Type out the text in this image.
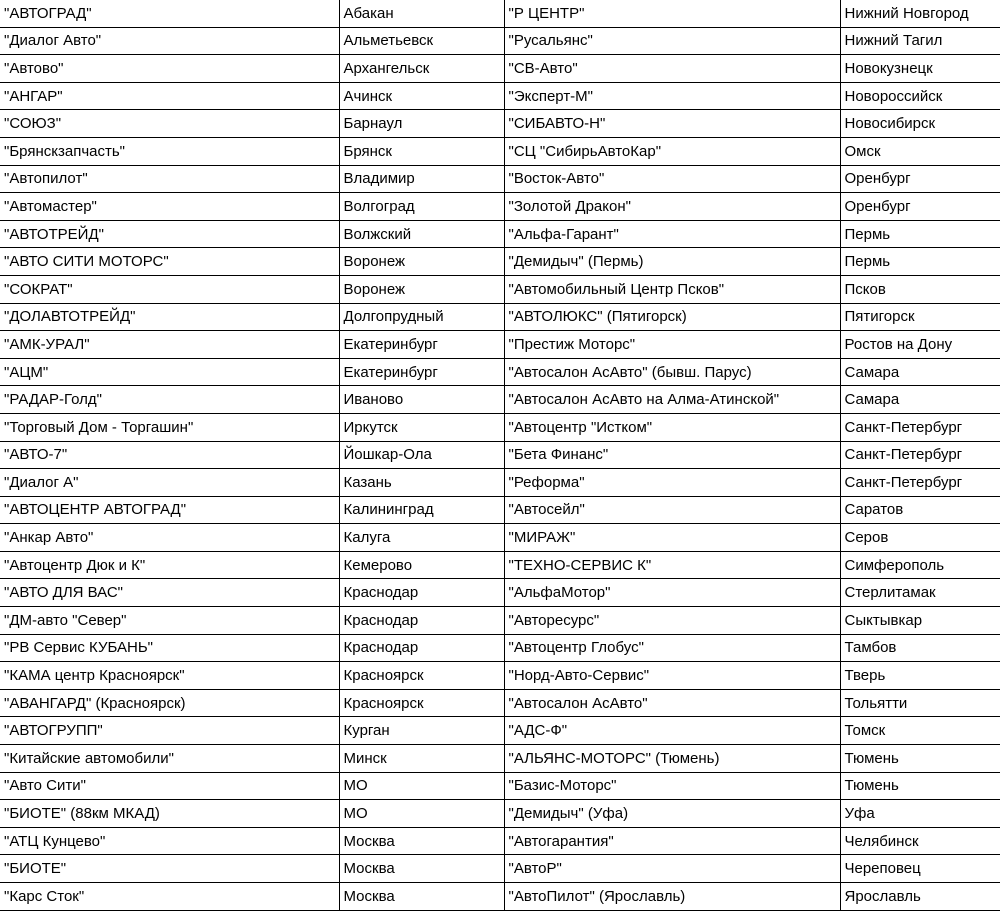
"АВТОГРАД"	Абакан	"Р ЦЕНТР"	Нижний Новгород
"Диалог Авто"	Альметьевск	"Русальянс"	Нижний Тагил
"Автово"	Архангельск	"СВ-Авто"	Новокузнецк
"АНГАР"	Ачинск	"Эксперт-М"	Новороссийск
"СОЮЗ"	Барнаул	"СИБАВТО-Н"	Новосибирск
"Брянскзапчасть"	Брянск	"СЦ "СибирьАвтоКар"	Омск
"Автопилот"	Владимир	"Восток-Авто"	Оренбург
"Автомастер"	Волгоград	"Золотой Дракон"	Оренбург
"АВТОТРЕЙД"	Волжский	"Альфа-Гарант"	Пермь
"АВТО СИТИ МОТОРС"	Воронеж	"Демидыч" (Пермь)	Пермь
"СОКРАТ"	Воронеж	"Автомобильный Центр Псков"	Псков
"ДОЛАВТОТРЕЙД"	Долгопрудный	"АВТОЛЮКС" (Пятигорск)	Пятигорск
"АМК-УРАЛ"	Екатеринбург	"Престиж Моторс"	Ростов на Дону
"АЦМ"	Екатеринбург	"Автосалон АсАвто" (бывш. Парус)	Самара
"РАДАР-Голд"	Иваново	"Автосалон АсАвто на Алма-Атинской"	Самара
"Торговый Дом - Торгашин"	Иркутск	"Автоцентр "Истком"	Санкт-Петербург
"АВТО-7"	Йошкар-Ола	"Бета Финанс"	Санкт-Петербург
"Диалог А"	Казань	"Реформа"	Санкт-Петербург
"АВТОЦЕНТР АВТОГРАД"	Калининград	"Автосейл"	Саратов
"Анкар Авто"	Калуга	"МИРАЖ"	Серов
"Автоцентр Дюк и К"	Кемерово	"ТЕХНО-СЕРВИС К"	Симферополь
"АВТО ДЛЯ ВАС"	Краснодар	"АльфаМотор"	Стерлитамак
"ДМ-авто "Север"	Краснодар	"Авторесурс"	Сыктывкар
"РВ Сервис КУБАНЬ"	Краснодар	"Автоцентр Глобус"	Тамбов
"КАМА центр Красноярск"	Красноярск	"Норд-Авто-Сервис"	Тверь
"АВАНГАРД" (Красноярск)	Красноярск	"Автосалон АсАвто"	Тольятти
"АВТОГРУПП"	Курган	"АДС-Ф"	Томск
"Китайские автомобили"	Минск	"АЛЬЯНС-МОТОРС" (Тюмень)	Тюмень
"Авто Сити"	МО	"Базис-Моторс"	Тюмень
"БИОТЕ" (88км МКАД)	МО	"Демидыч" (Уфа)	Уфа
"АТЦ Кунцево"	Москва	"Автогарантия"	Челябинск
"БИОТЕ"	Москва	"АвтоР"	Череповец
"Карс Сток"	Москва	"АвтоПилот" (Ярославль)	Ярославль
